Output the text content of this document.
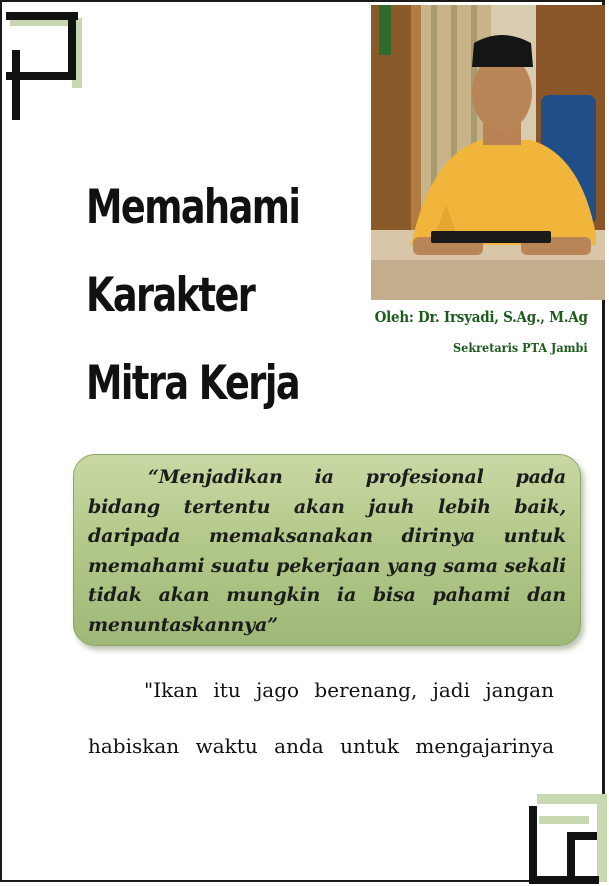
Memahami
Karakter
Mitra Kerja
Oleh: Dr. Irsyadi, S.Ag., M.Ag
Sekretaris PTA Jambi
“Menjadikan ia profesional pada bidang tertentu akan jauh lebih baik, daripada memaksanakan dirinya untuk memahami suatu pekerjaan yang sama sekali tidak akan mungkin ia bisa pahami dan menuntaskannya”
"Ikan itu jago berenang, jadi jangan
habiskan waktu anda untuk mengajarinya
